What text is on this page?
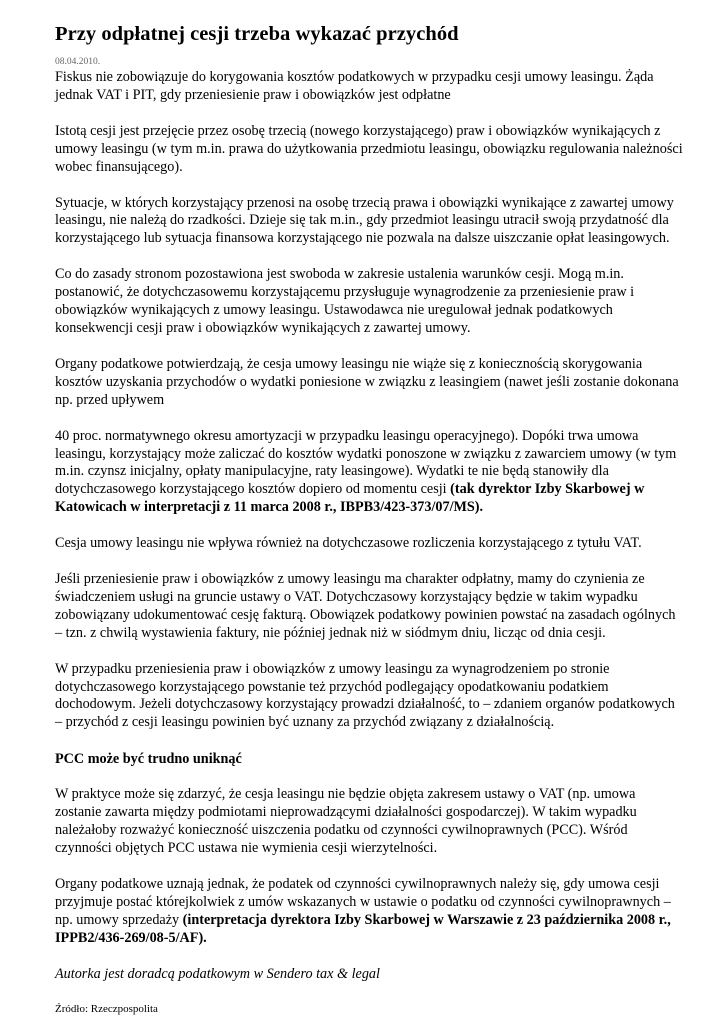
Przy odpłatnej cesji trzeba wykazać przychód
08.04.2010.

Fiskus nie zobowiązuje do korygowania kosztów podatkowych w przypadku cesji umowy leasingu. Żąda jednak VAT i PIT, gdy przeniesienie praw i obowiązków jest odpłatne

Istotą cesji jest przejęcie przez osobę trzecią (nowego korzystającego) praw i obowiązków wynikających z umowy leasingu (w tym m.in. prawa do użytkowania przedmiotu leasingu, obowiązku regulowania należności wobec finansującego).

Sytuacje, w których korzystający przenosi na osobę trzecią prawa i obowiązki wynikające z zawartej umowy leasingu, nie należą do rzadkości. Dzieje się tak m.in., gdy przedmiot leasingu utracił swoją przydatność dla korzystającego lub sytuacja finansowa korzystającego nie pozwala na dalsze uiszczanie opłat leasingowych.

Co do zasady stronom pozostawiona jest swoboda w zakresie ustalenia warunków cesji. Mogą m.in. postanowić, że dotychczasowemu korzystającemu przysługuje wynagrodzenie za przeniesienie praw i obowiązków wynikających z umowy leasingu. Ustawodawca nie uregulował jednak podatkowych konsekwencji cesji praw i obowiązków wynikających z zawartej umowy.

Organy podatkowe potwierdzają, że cesja umowy leasingu nie wiąże się z koniecznością skorygowania kosztów uzyskania przychodów o wydatki poniesione w związku z leasingiem (nawet jeśli zostanie dokonana np. przed upływem

40 proc. normatywnego okresu amortyzacji w przypadku leasingu operacyjnego). Dopóki trwa umowa leasingu, korzystający może zaliczać do kosztów wydatki ponoszone w związku z zawarciem umowy (w tym m.in. czynsz inicjalny, opłaty manipulacyjne, raty leasingowe). Wydatki te nie będą stanowiły dla dotychczasowego korzystającego kosztów dopiero od momentu cesji (tak dyrektor Izby Skarbowej w Katowicach w interpretacji z 11 marca 2008 r., IBPB3/423-373/07/MS).

Cesja umowy leasingu nie wpływa również na dotychczasowe rozliczenia korzystającego z tytułu VAT.

Jeśli przeniesienie praw i obowiązków z umowy leasingu ma charakter odpłatny, mamy do czynienia ze świadczeniem usługi na gruncie ustawy o VAT. Dotychczasowy korzystający będzie w takim wypadku zobowiązany udokumentować cesję fakturą. Obowiązek podatkowy powinien powstać na zasadach ogólnych – tzn. z chwilą wystawienia faktury, nie później jednak niż w siódmym dniu, licząc od dnia cesji.

W przypadku przeniesienia praw i obowiązków z umowy leasingu za wynagrodzeniem po stronie dotychczasowego korzystającego powstanie też przychód podlegający opodatkowaniu podatkiem dochodowym. Jeżeli dotychczasowy korzystający prowadzi działalność, to – zdaniem organów podatkowych – przychód z cesji leasingu powinien być uznany za przychód związany z działalnością.

PCC może być trudno uniknąć

W praktyce może się zdarzyć, że cesja leasingu nie będzie objęta zakresem ustawy o VAT (np. umowa zostanie zawarta między podmiotami nieprowadzącymi działalności gospodarczej). W takim wypadku należałoby rozważyć konieczność uiszczenia podatku od czynności cywilnoprawnych (PCC). Wśród czynności objętych PCC ustawa nie wymienia cesji wierzytelności.

Organy podatkowe uznają jednak, że podatek od czynności cywilnoprawnych należy się, gdy umowa cesji przyjmuje postać którejkolwiek z umów wskazanych w ustawie o podatku od czynności cywilnoprawnych – np. umowy sprzedaży (interpretacja dyrektora Izby Skarbowej w Warszawie z 23 października 2008 r., IPPB2/436-269/08-5/AF).

Autorka jest doradcą podatkowym w Sendero tax & legal

Źródło: Rzeczpospolita
